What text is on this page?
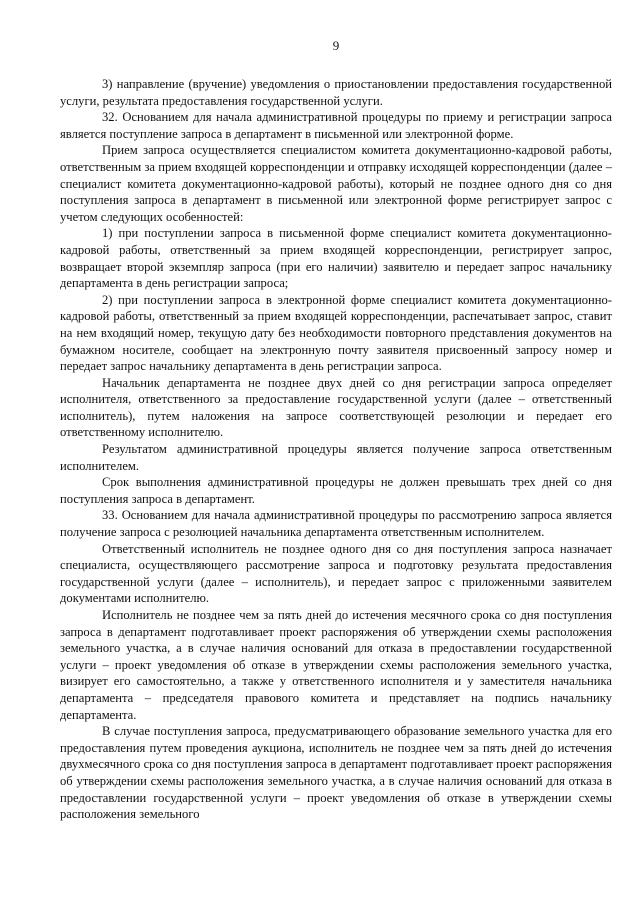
9

3) направление (вручение) уведомления о приостановлении предоставления государственной услуги, результата предоставления государственной услуги.

32. Основанием для начала административной процедуры по приему и регистрации запроса является поступление запроса в департамент в письменной или электронной форме.

Прием запроса осуществляется специалистом комитета документационно-кадровой работы, ответственным за прием входящей корреспонденции и отправку исходящей корреспонденции (далее – специалист комитета документационно-кадровой работы), который не позднее одного дня со дня поступления запроса в департамент в письменной или электронной форме регистрирует запрос с учетом следующих особенностей:

1) при поступлении запроса в письменной форме специалист комитета документационно-кадровой работы, ответственный за прием входящей корреспонденции, регистрирует запрос, возвращает второй экземпляр запроса (при его наличии) заявителю и передает запрос начальнику департамента в день регистрации запроса;

2) при поступлении запроса в электронной форме специалист комитета документационно-кадровой работы, ответственный за прием входящей корреспонденции, распечатывает запрос, ставит на нем входящий номер, текущую дату без необходимости повторного представления документов на бумажном носителе, сообщает на электронную почту заявителя присвоенный запросу номер и передает запрос начальнику департамента в день регистрации запроса.

Начальник департамента не позднее двух дней со дня регистрации запроса определяет исполнителя, ответственного за предоставление государственной услуги (далее – ответственный исполнитель), путем наложения на запросе соответствующей резолюции и передает его ответственному исполнителю.

Результатом административной процедуры является получение запроса ответственным исполнителем.

Срок выполнения административной процедуры не должен превышать трех дней со дня поступления запроса в департамент.

33. Основанием для начала административной процедуры по рассмотрению запроса является получение запроса с резолюцией начальника департамента ответственным исполнителем.

Ответственный исполнитель не позднее одного дня со дня поступления запроса назначает специалиста, осуществляющего рассмотрение запроса и подготовку результата предоставления государственной услуги (далее – исполнитель), и передает запрос с приложенными заявителем документами исполнителю.

Исполнитель не позднее чем за пять дней до истечения месячного срока со дня поступления запроса в департамент подготавливает проект распоряжения об утверждении схемы расположения земельного участка, а в случае наличия оснований для отказа в предоставлении государственной услуги – проект уведомления об отказе в утверждении схемы расположения земельного участка, визирует его самостоятельно, а также у ответственного исполнителя и у заместителя начальника департамента – председателя правового комитета и представляет на подпись начальнику департамента.

В случае поступления запроса, предусматривающего образование земельного участка для его предоставления путем проведения аукциона, исполнитель не позднее чем за пять дней до истечения двухмесячного срока со дня поступления запроса в департамент подготавливает проект распоряжения об утверждении схемы расположения земельного участка, а в случае наличия оснований для отказа в предоставлении государственной услуги – проект уведомления об отказе в утверждении схемы расположения земельного
